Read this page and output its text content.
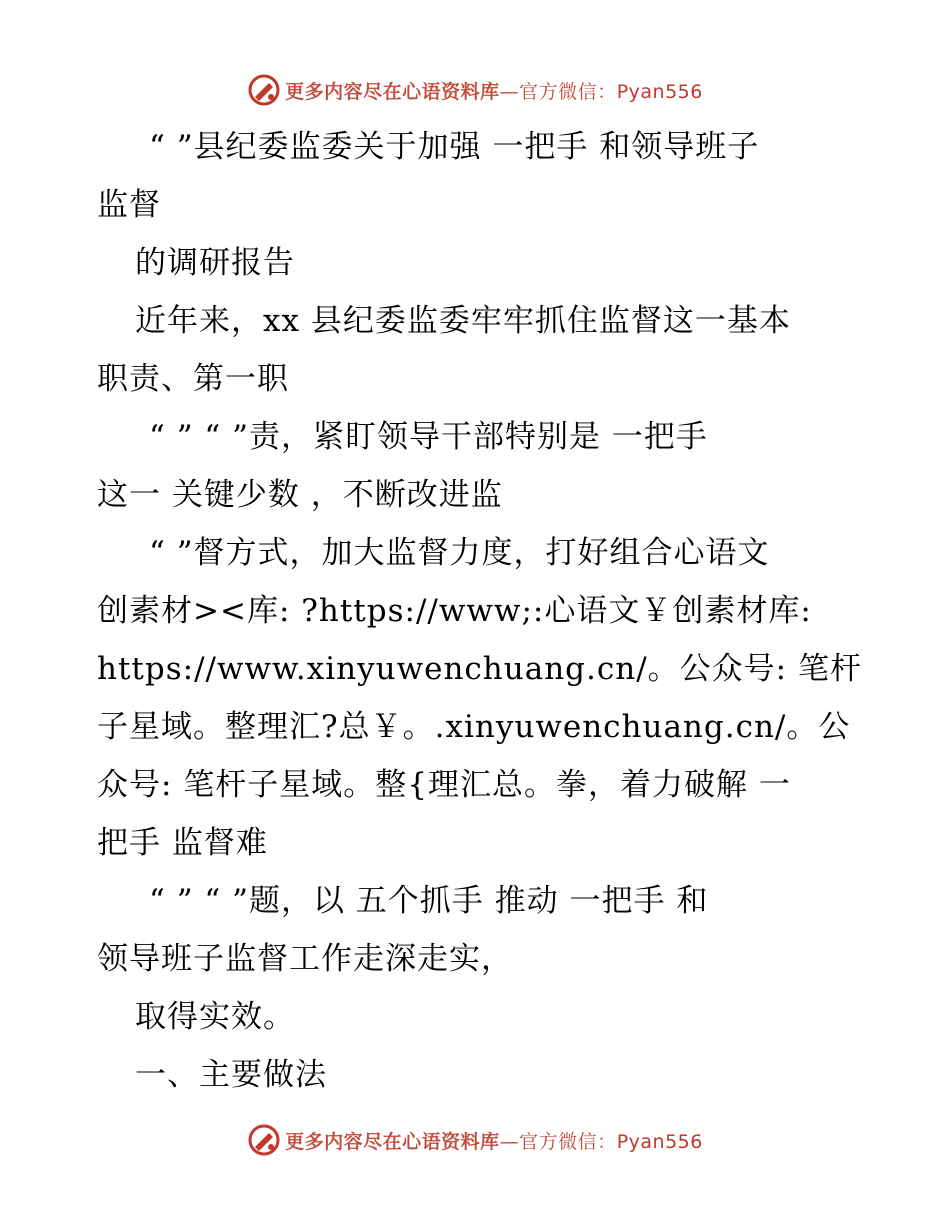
更多内容尽在心语资料库—官方微信：Pyan556
“ ”县纪委监委关于加强 一把手 和领导班子
监督
的调研报告
近年来，xx 县纪委监委牢牢抓住监督这一基本
职责、第一职
“ ” “ ”责，紧盯领导干部特别是 一把手
这一 关键少数 ，不断改进监
“ ”督方式，加大监督力度，打好组合心语文
创素材><库: ?https://www;:心语文￥创素材库:
https://www.xinyuwenchuang.cn/。公众号: 笔杆
子星域。整理汇?总￥。.xinyuwenchuang.cn/。公
众号: 笔杆子星域。整{理汇总。拳，着力破解 一
把手 监督难
“ ” “ ”题，以 五个抓手 推动 一把手 和
领导班子监督工作走深走实，
取得实效。
一、主要做法
更多内容尽在心语资料库—官方微信：Pyan556
